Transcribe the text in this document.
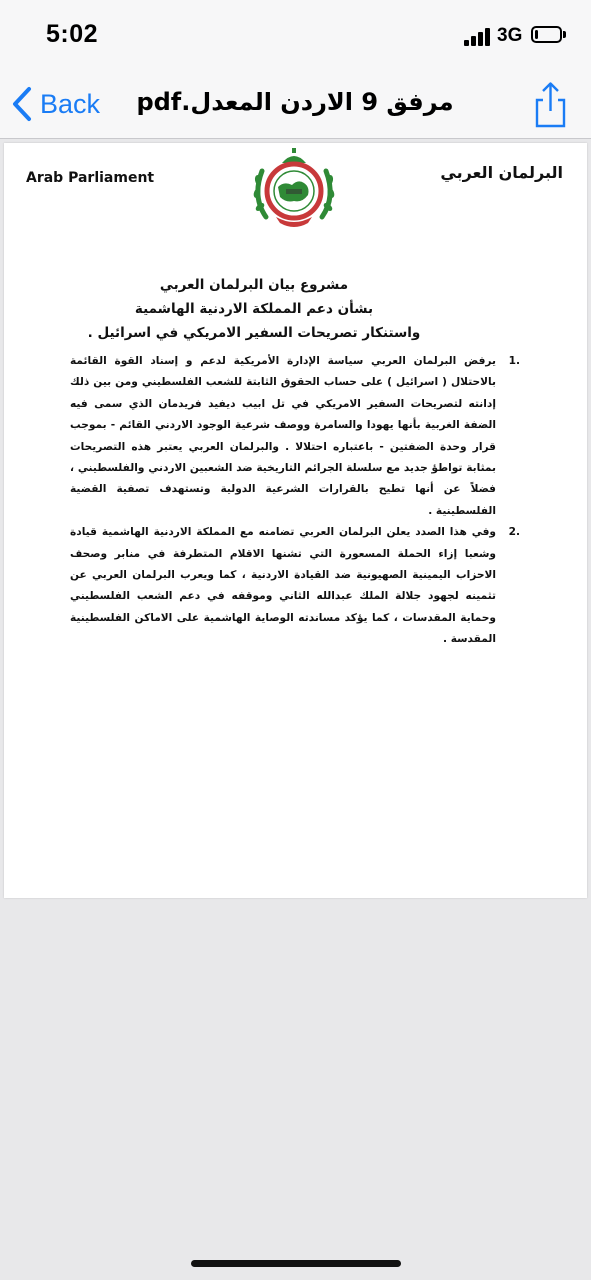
5:02	3G
Back	مرفق 9 الاردن المعدل.pdf
Arab Parliament	البرلمان العربي
مشروع بيان البرلمان العربي
بشأن دعم المملكة الاردنية الهاشمية
واستنكار تصريحات السفير الامريكي في اسرائيل .
1.
يرفض البرلمان العربي سياسة الإدارة الأمريكية لدعم و إسناد القوة القائمة بالاحتلال ( اسرائيل ) على حساب الحقوق الثابتة للشعب الفلسطيني ومن بين ذلك إدانته لتصريحات السفير الامريكي في تل ابيب ديفيد فريدمان الذي سمى فيه الضفة الغربية بأنها يهودا والسامرة ووصف شرعية الوجود الاردني القائم - بموجب قرار وحدة الضفتين - باعتباره احتلالا . والبرلمان العربي يعتبر هذه التصريحات بمثابة تواطؤ جديد مع سلسلة الجرائم التاريخية ضد الشعبين الاردني والفلسطيني ، فضلاً عن أنها تطيح بالقرارات الشرعية الدولية وتستهدف تصفية القضية الفلسطينية .
2.
وفي هذا الصدد يعلن البرلمان العربي تضامنه مع المملكة الاردنية الهاشمية قيادة وشعبا إزاء الحملة المسعورة التي تشنها الاقلام المتطرفة في منابر وصحف الاحزاب اليمينية الصهيونية ضد القيادة الاردنية ، كما ويعرب البرلمان العربي عن تثمينه لجهود جلالة الملك عبدالله الثاني وموقفه في دعم الشعب الفلسطيني وحماية المقدسات ، كما يؤكد مساندته الوصاية الهاشمية على الاماكن الفلسطينية المقدسة .
